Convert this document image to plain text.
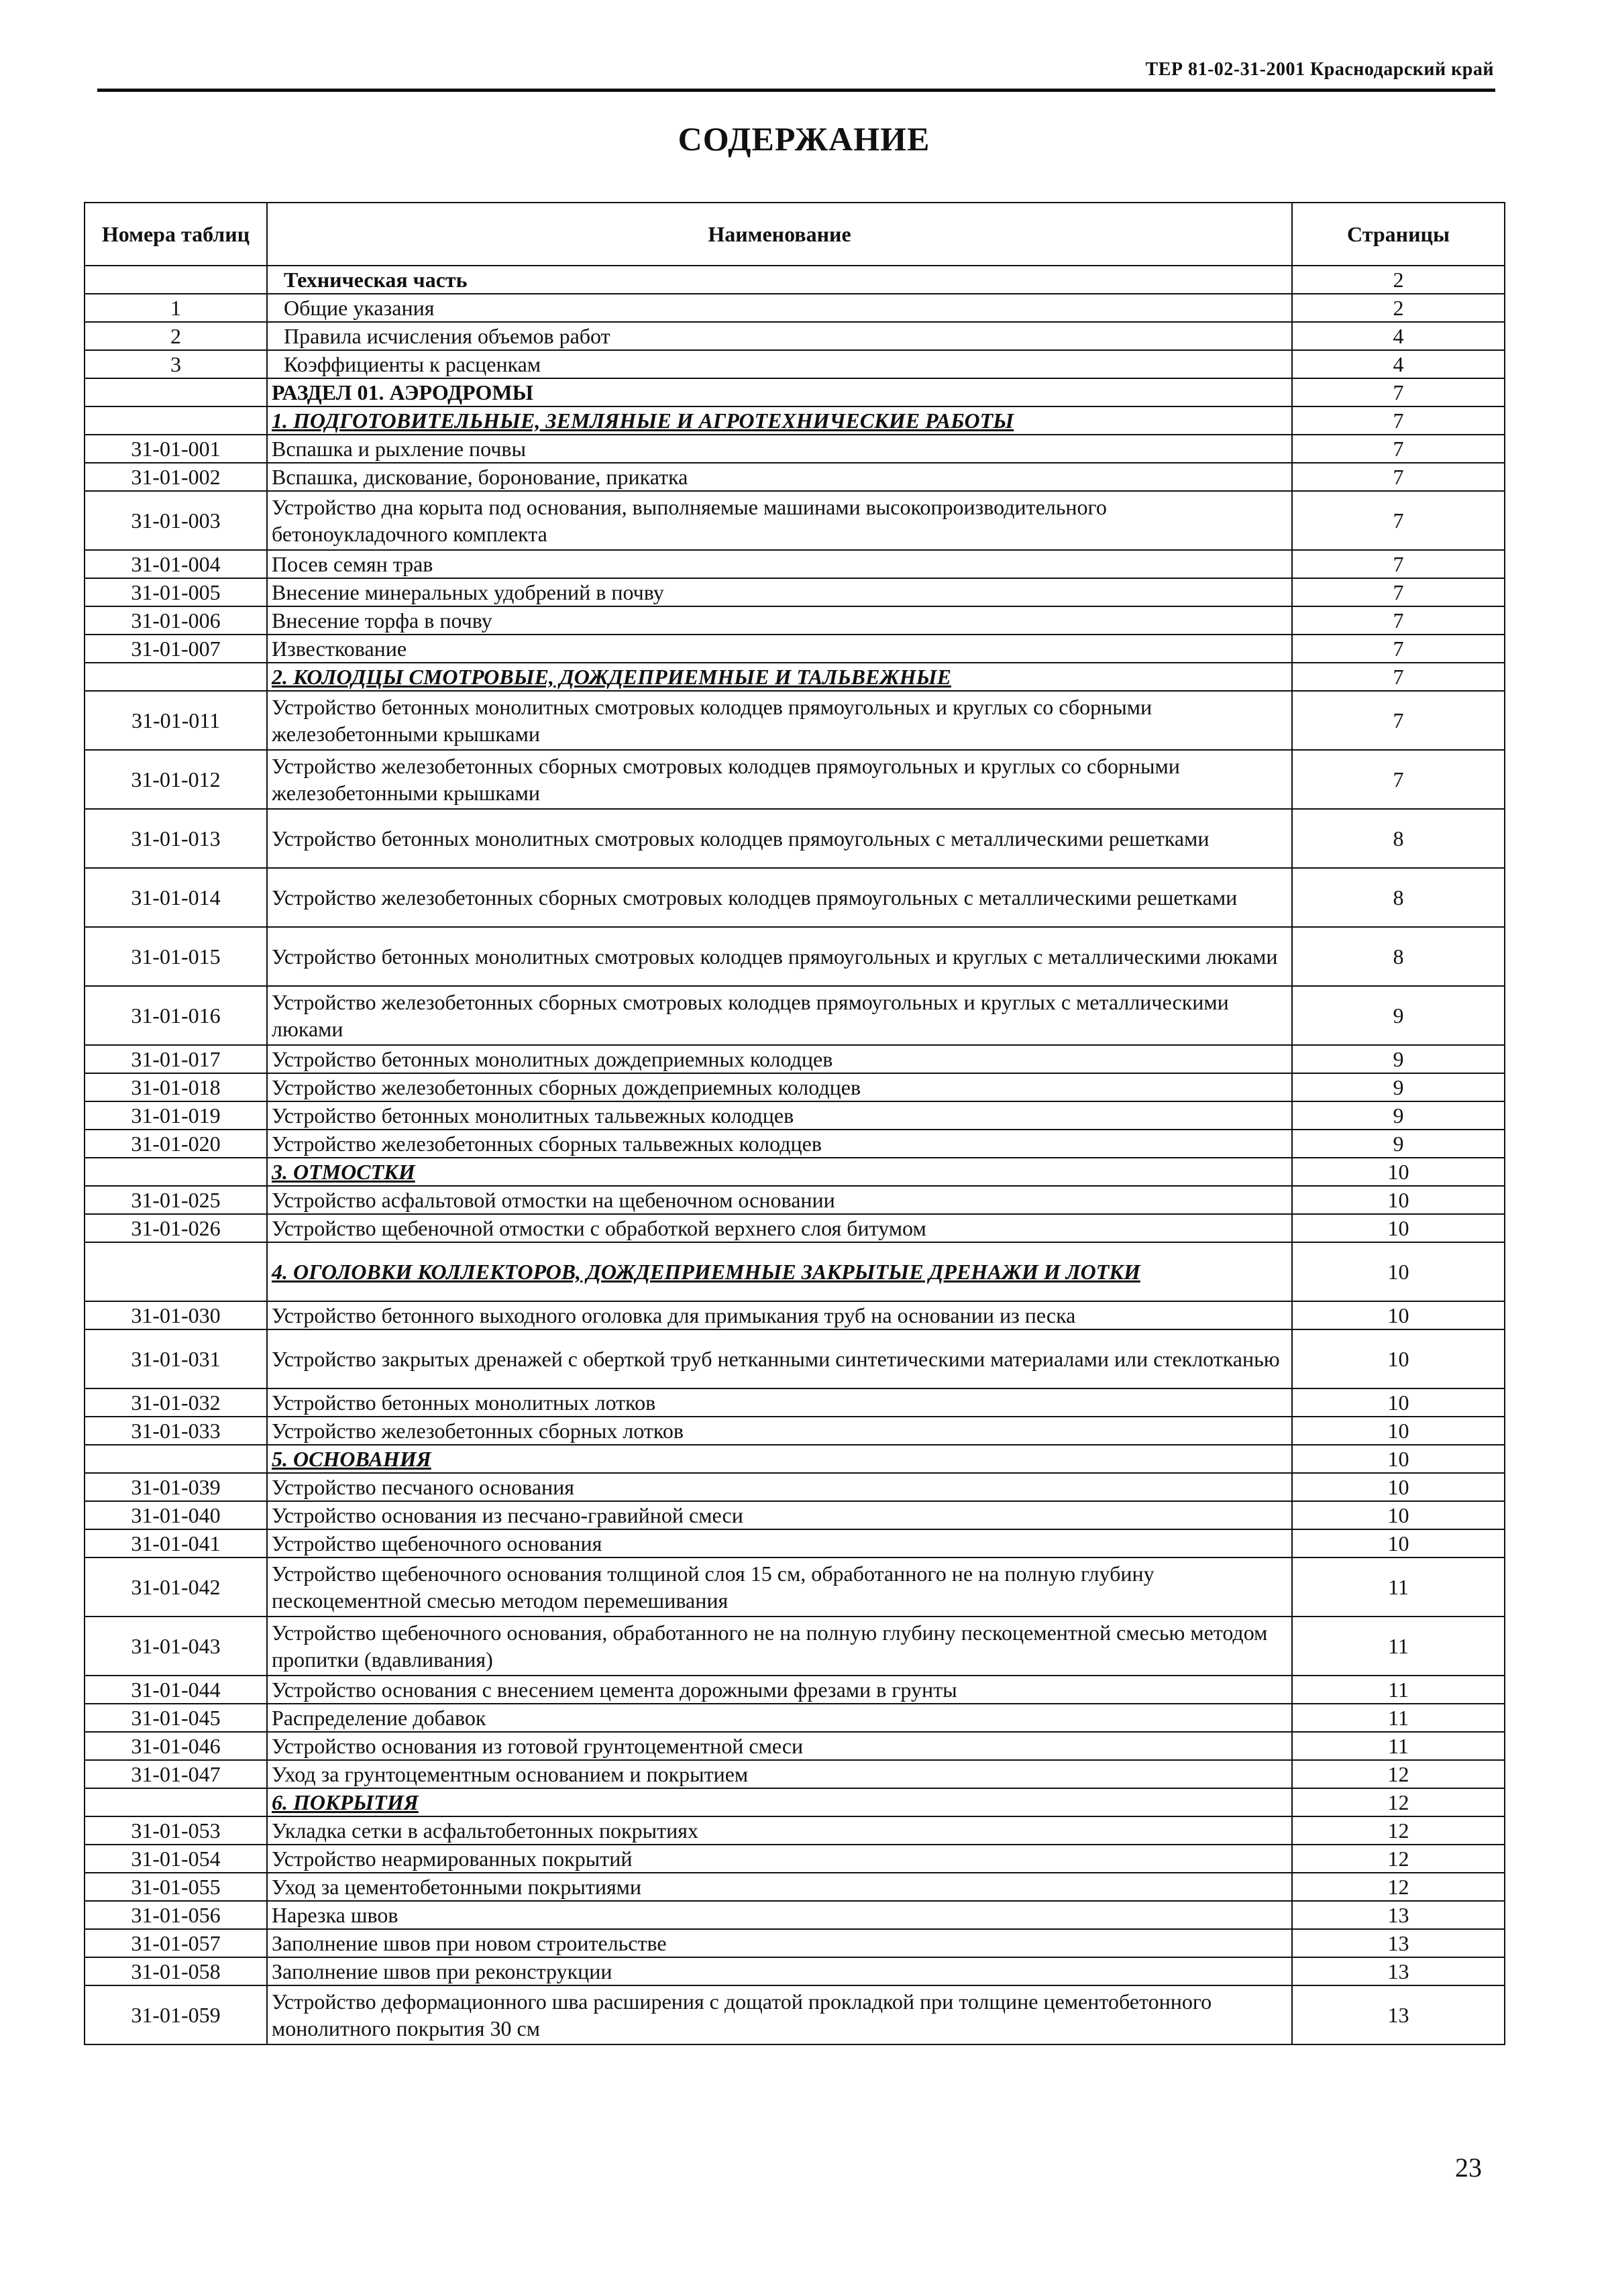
ТЕР 81-02-31-2001 Краснодарский край
СОДЕРЖАНИЕ
Номера таблиц	Наименование	Страницы
	Техническая часть	2
1	Общие указания	2
2	Правила исчисления объемов работ	4
3	Коэффициенты к расценкам	4
	РАЗДЕЛ 01. АЭРОДРОМЫ	7
	1. ПОДГОТОВИТЕЛЬНЫЕ, ЗЕМЛЯНЫЕ И АГРОТЕХНИЧЕСКИЕ РАБОТЫ	7
31-01-001	Вспашка и рыхление почвы	7
31-01-002	Вспашка, дискование, боронование, прикатка	7
31-01-003	Устройство дна корыта под основания, выполняемые машинами высокопроизводительного бетоноукладочного комплекта	7
31-01-004	Посев семян трав	7
31-01-005	Внесение минеральных удобрений в почву	7
31-01-006	Внесение торфа в почву	7
31-01-007	Известкование	7
	2. КОЛОДЦЫ СМОТРОВЫЕ, ДОЖДЕПРИЕМНЫЕ И ТАЛЬВЕЖНЫЕ	7
31-01-011	Устройство бетонных монолитных смотровых колодцев прямоугольных и круглых со сборными железобетонными крышками	7
31-01-012	Устройство железобетонных сборных смотровых колодцев прямоугольных и круглых со сборными железобетонными крышками	7
31-01-013	Устройство бетонных монолитных смотровых колодцев прямоугольных с металлическими решетками	8
31-01-014	Устройство железобетонных сборных смотровых колодцев прямоугольных с металлическими решетками	8
31-01-015	Устройство бетонных монолитных смотровых колодцев прямоугольных и круглых с металлическими люками	8
31-01-016	Устройство железобетонных сборных смотровых колодцев прямоугольных и круглых с металлическими люками	9
31-01-017	Устройство бетонных монолитных дождеприемных колодцев	9
31-01-018	Устройство железобетонных сборных дождеприемных колодцев	9
31-01-019	Устройство бетонных монолитных тальвежных колодцев	9
31-01-020	Устройство железобетонных сборных тальвежных колодцев	9
	3. ОТМОСТКИ	10
31-01-025	Устройство асфальтовой отмостки на щебеночном основании	10
31-01-026	Устройство щебеночной отмостки с обработкой верхнего слоя битумом	10
	4. ОГОЛОВКИ КОЛЛЕКТОРОВ, ДОЖДЕПРИЕМНЫЕ ЗАКРЫТЫЕ ДРЕНАЖИ И ЛОТКИ	10
31-01-030	Устройство бетонного выходного оголовка для примыкания труб на основании из песка	10
31-01-031	Устройство закрытых дренажей с оберткой труб нетканными синтетическими материалами или стеклотканью	10
31-01-032	Устройство бетонных монолитных лотков	10
31-01-033	Устройство железобетонных сборных лотков	10
	5. ОСНОВАНИЯ	10
31-01-039	Устройство песчаного основания	10
31-01-040	Устройство основания из песчано-гравийной смеси	10
31-01-041	Устройство щебеночного основания	10
31-01-042	Устройство щебеночного основания толщиной слоя 15 см, обработанного не на полную глубину пескоцементной смесью методом перемешивания	11
31-01-043	Устройство щебеночного основания, обработанного не на полную глубину пескоцементной смесью методом пропитки (вдавливания)	11
31-01-044	Устройство основания с внесением цемента дорожными фрезами в грунты	11
31-01-045	Распределение добавок	11
31-01-046	Устройство основания из готовой грунтоцементной смеси	11
31-01-047	Уход за грунтоцементным основанием и покрытием	12
	6. ПОКРЫТИЯ	12
31-01-053	Укладка сетки в асфальтобетонных покрытиях	12
31-01-054	Устройство неармированных покрытий	12
31-01-055	Уход за цементобетонными покрытиями	12
31-01-056	Нарезка швов	13
31-01-057	Заполнение швов при новом строительстве	13
31-01-058	Заполнение швов при реконструкции	13
31-01-059	Устройство деформационного шва расширения с дощатой прокладкой при толщине цементобетонного монолитного покрытия 30 см	13
23
